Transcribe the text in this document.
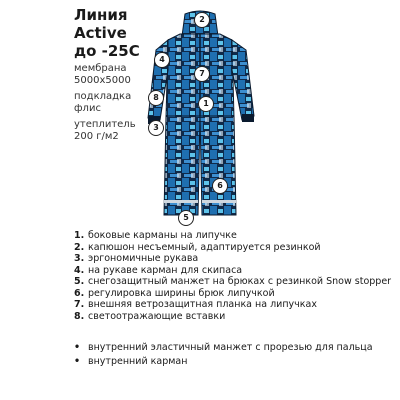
Линия
Active
до -25С
мембрана
5000х5000
подкладка
флис
утеплитель
200 г/м2
2
4
7
8
1
3
6
5
1. боковые карманы на липучке
2. капюшон несъемный, адаптируется резинкой
3. эргономичные рукава
4. на рукаве карман для скипаса
5. снегозащитный манжет на брюках с резинкой Snow stopper
6. регулировка ширины брюк липучкой
7. внешняя ветрозащитная планка на липучках
8. светоотражающие вставки
• внутренний эластичный манжет с прорезью для пальца
• внутренний карман
